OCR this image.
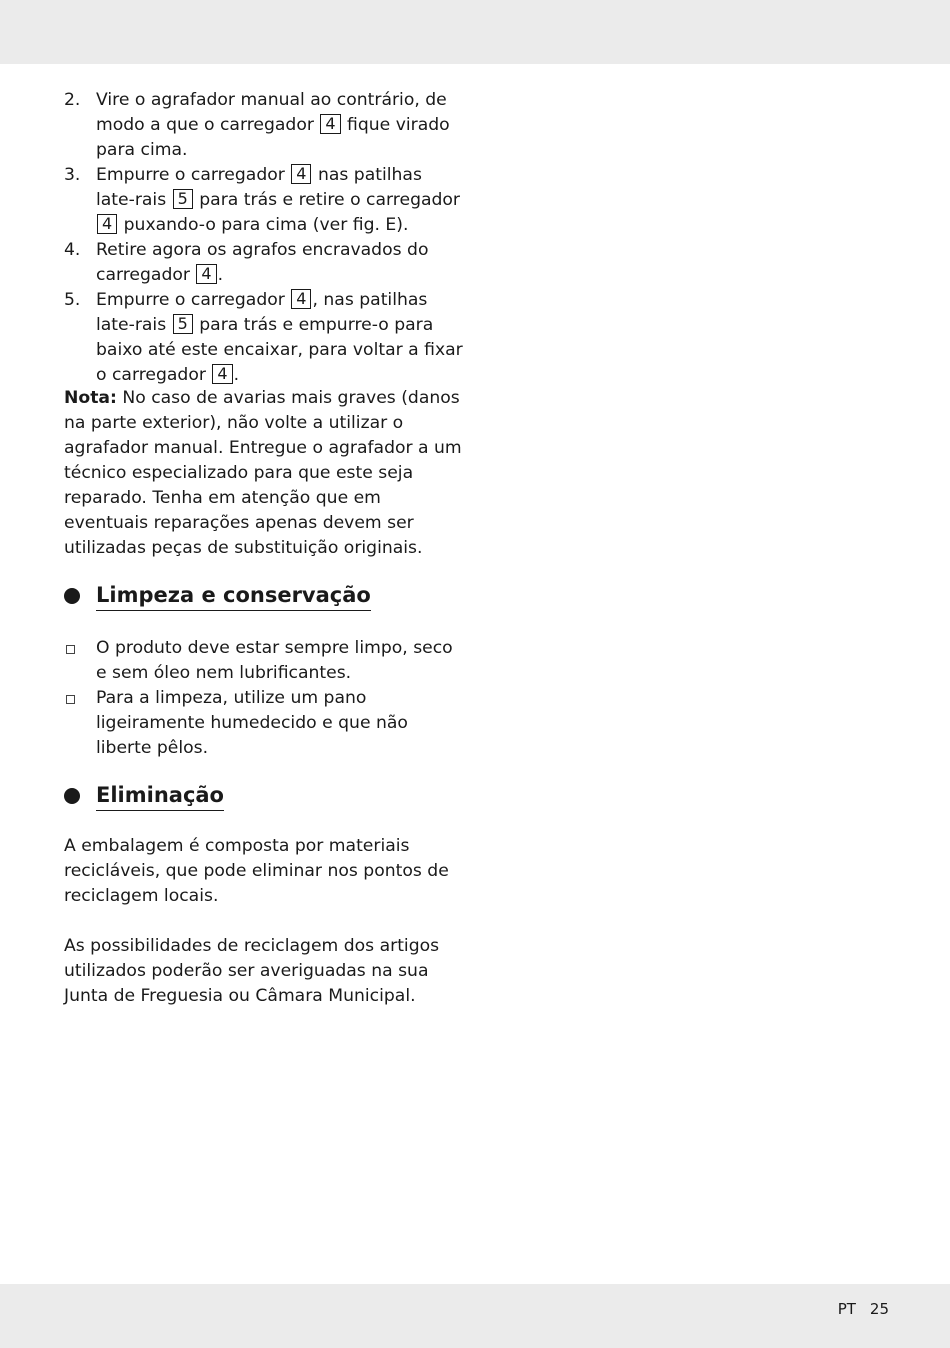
2. Vire o agrafador manual ao contrário, de modo a que o carregador 4 fique virado para cima.
3. Empurre o carregador 4 nas patilhas late-rais 5 para trás e retire o carregador 4 puxando-o para cima (ver fig. E).
4. Retire agora os agrafos encravados do carregador 4 .
5. Empurre o carregador 4 , nas patilhas late-rais 5 para trás e empurre-o para baixo até este encaixar, para voltar a fixar o carregador 4 .
Nota: No caso de avarias mais graves (danos na parte exterior), não volte a utilizar o agrafador manual. Entregue o agrafador a um técnico especializado para que este seja reparado. Tenha em atenção que em eventuais reparações apenas devem ser utilizadas peças de substituição originais.
Limpeza e conservação
O produto deve estar sempre limpo, seco e sem óleo nem lubrificantes.
Para a limpeza, utilize um pano ligeiramente humedecido e que não liberte pêlos.
Eliminação

A embalagem é composta por materiais recicláveis, que pode eliminar nos pontos de reciclagem locais.

As possibilidades de reciclagem dos artigos utilizados poderão ser averiguadas na sua Junta de Freguesia ou Câmara Municipal.

PT 25
